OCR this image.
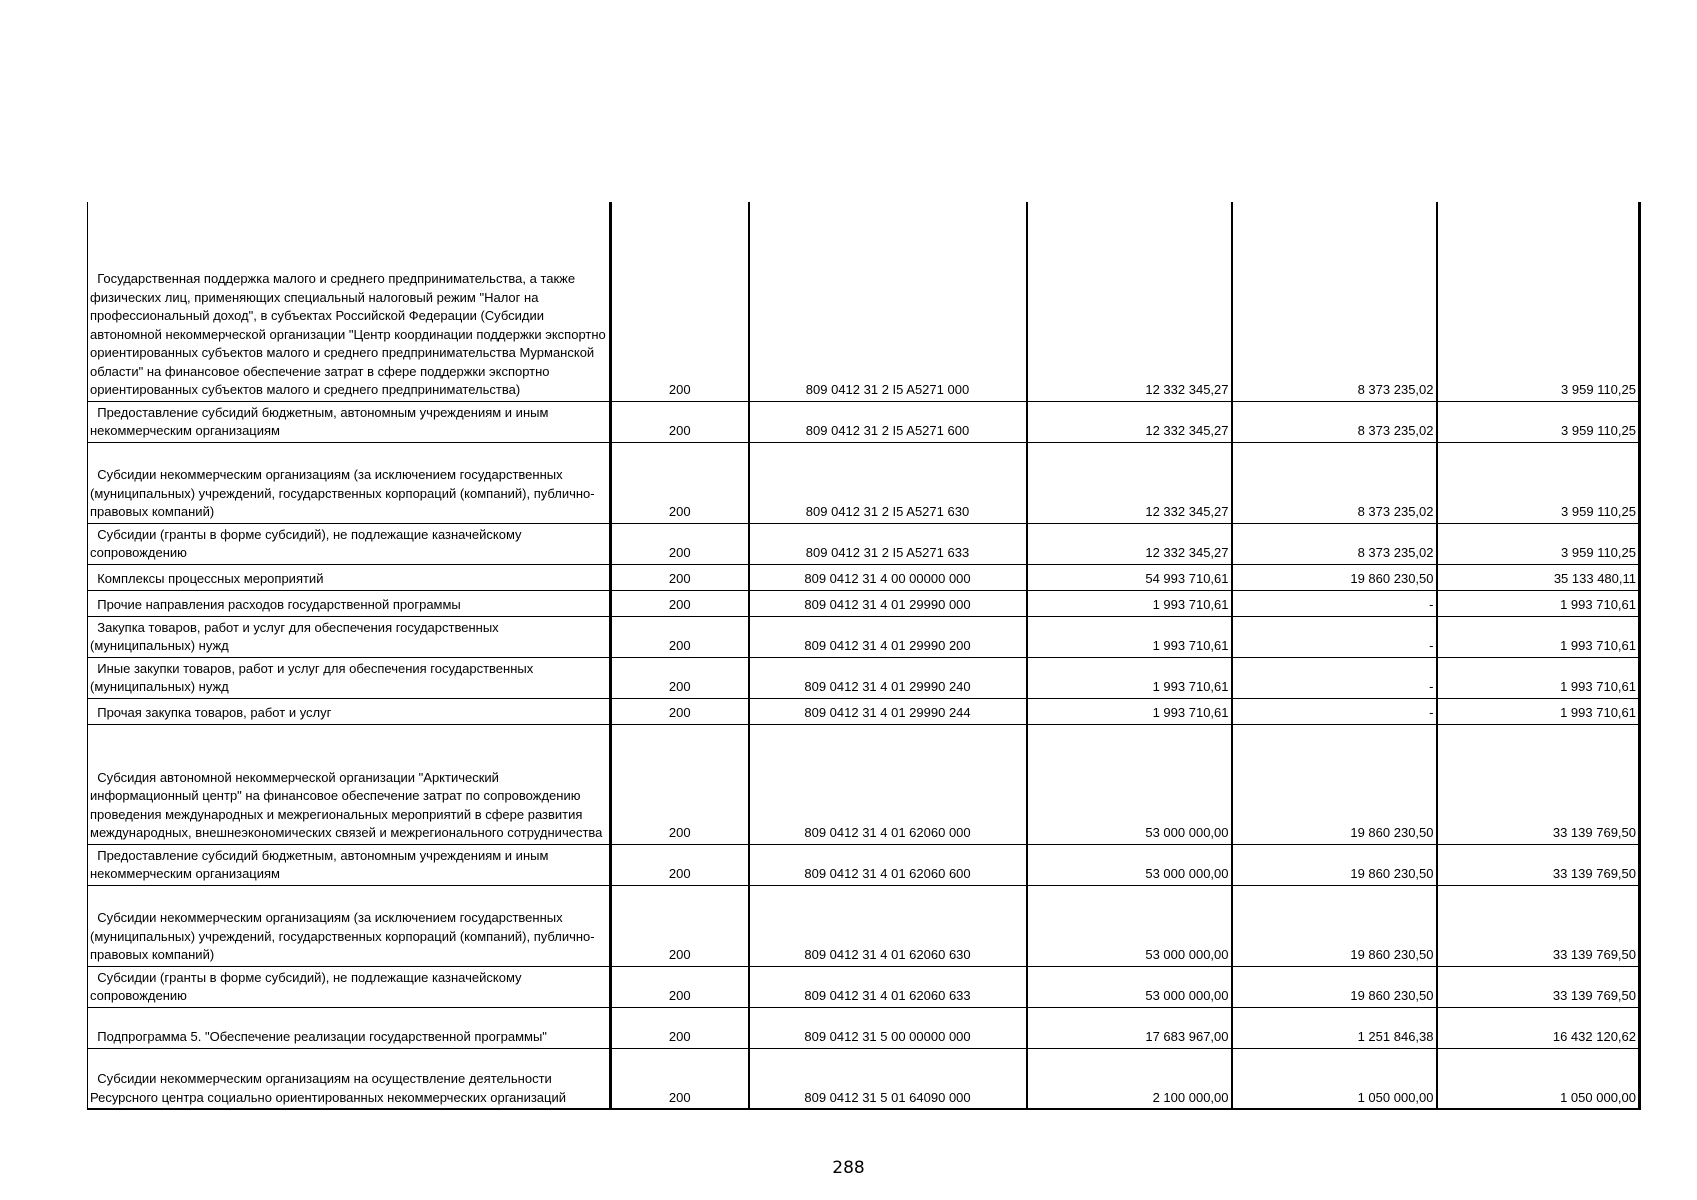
Государственная поддержка малого и среднего предпринимательства, а также физических лиц, применяющих специальный налоговый режим "Налог на профессиональный доход", в субъектах Российской Федерации (Субсидии автономной некоммерческой организации "Центр координации поддержки экспортно ориентированных субъектов малого и среднего предпринимательства Мурманской области" на финансовое обеспечение затрат в сфере поддержки экспортно ориентированных субъектов малого и среднего предпринимательства)	200	809 0412 31 2 I5 A5271 000	12 332 345,27	8 373 235,02	3 959 110,25
Предоставление субсидий бюджетным, автономным учреждениям и иным некоммерческим организациям	200	809 0412 31 2 I5 A5271 600	12 332 345,27	8 373 235,02	3 959 110,25
Субсидии некоммерческим организациям (за исключением государственных (муниципальных) учреждений, государственных корпораций (компаний), публично-правовых компаний)	200	809 0412 31 2 I5 A5271 630	12 332 345,27	8 373 235,02	3 959 110,25
Субсидии (гранты в форме субсидий), не подлежащие казначейскому сопровождению	200	809 0412 31 2 I5 A5271 633	12 332 345,27	8 373 235,02	3 959 110,25
Комплексы процессных мероприятий	200	809 0412 31 4 00 00000 000	54 993 710,61	19 860 230,50	35 133 480,11
Прочие направления расходов государственной программы	200	809 0412 31 4 01 29990 000	1 993 710,61	-	1 993 710,61
Закупка товаров, работ и услуг для обеспечения государственных (муниципальных) нужд	200	809 0412 31 4 01 29990 200	1 993 710,61	-	1 993 710,61
Иные закупки товаров, работ и услуг для обеспечения государственных (муниципальных) нужд	200	809 0412 31 4 01 29990 240	1 993 710,61	-	1 993 710,61
Прочая закупка товаров, работ и услуг	200	809 0412 31 4 01 29990 244	1 993 710,61	-	1 993 710,61
Субсидия автономной некоммерческой организации "Арктический информационный центр" на финансовое обеспечение затрат по сопровождению проведения международных и межрегиональных мероприятий в сфере развития международных, внешнеэкономических связей и межрегионального сотрудничества	200	809 0412 31 4 01 62060 000	53 000 000,00	19 860 230,50	33 139 769,50
Предоставление субсидий бюджетным, автономным учреждениям и иным некоммерческим организациям	200	809 0412 31 4 01 62060 600	53 000 000,00	19 860 230,50	33 139 769,50
Субсидии некоммерческим организациям (за исключением государственных (муниципальных) учреждений, государственных корпораций (компаний), публично-правовых компаний)	200	809 0412 31 4 01 62060 630	53 000 000,00	19 860 230,50	33 139 769,50
Субсидии (гранты в форме субсидий), не подлежащие казначейскому сопровождению	200	809 0412 31 4 01 62060 633	53 000 000,00	19 860 230,50	33 139 769,50
Подпрограмма 5. "Обеспечение реализации государственной программы"	200	809 0412 31 5 00 00000 000	17 683 967,00	1 251 846,38	16 432 120,62
Субсидии некоммерческим организациям на осуществление деятельности Ресурсного центра социально ориентированных некоммерческих организаций	200	809 0412 31 5 01 64090 000	2 100 000,00	1 050 000,00	1 050 000,00
288
